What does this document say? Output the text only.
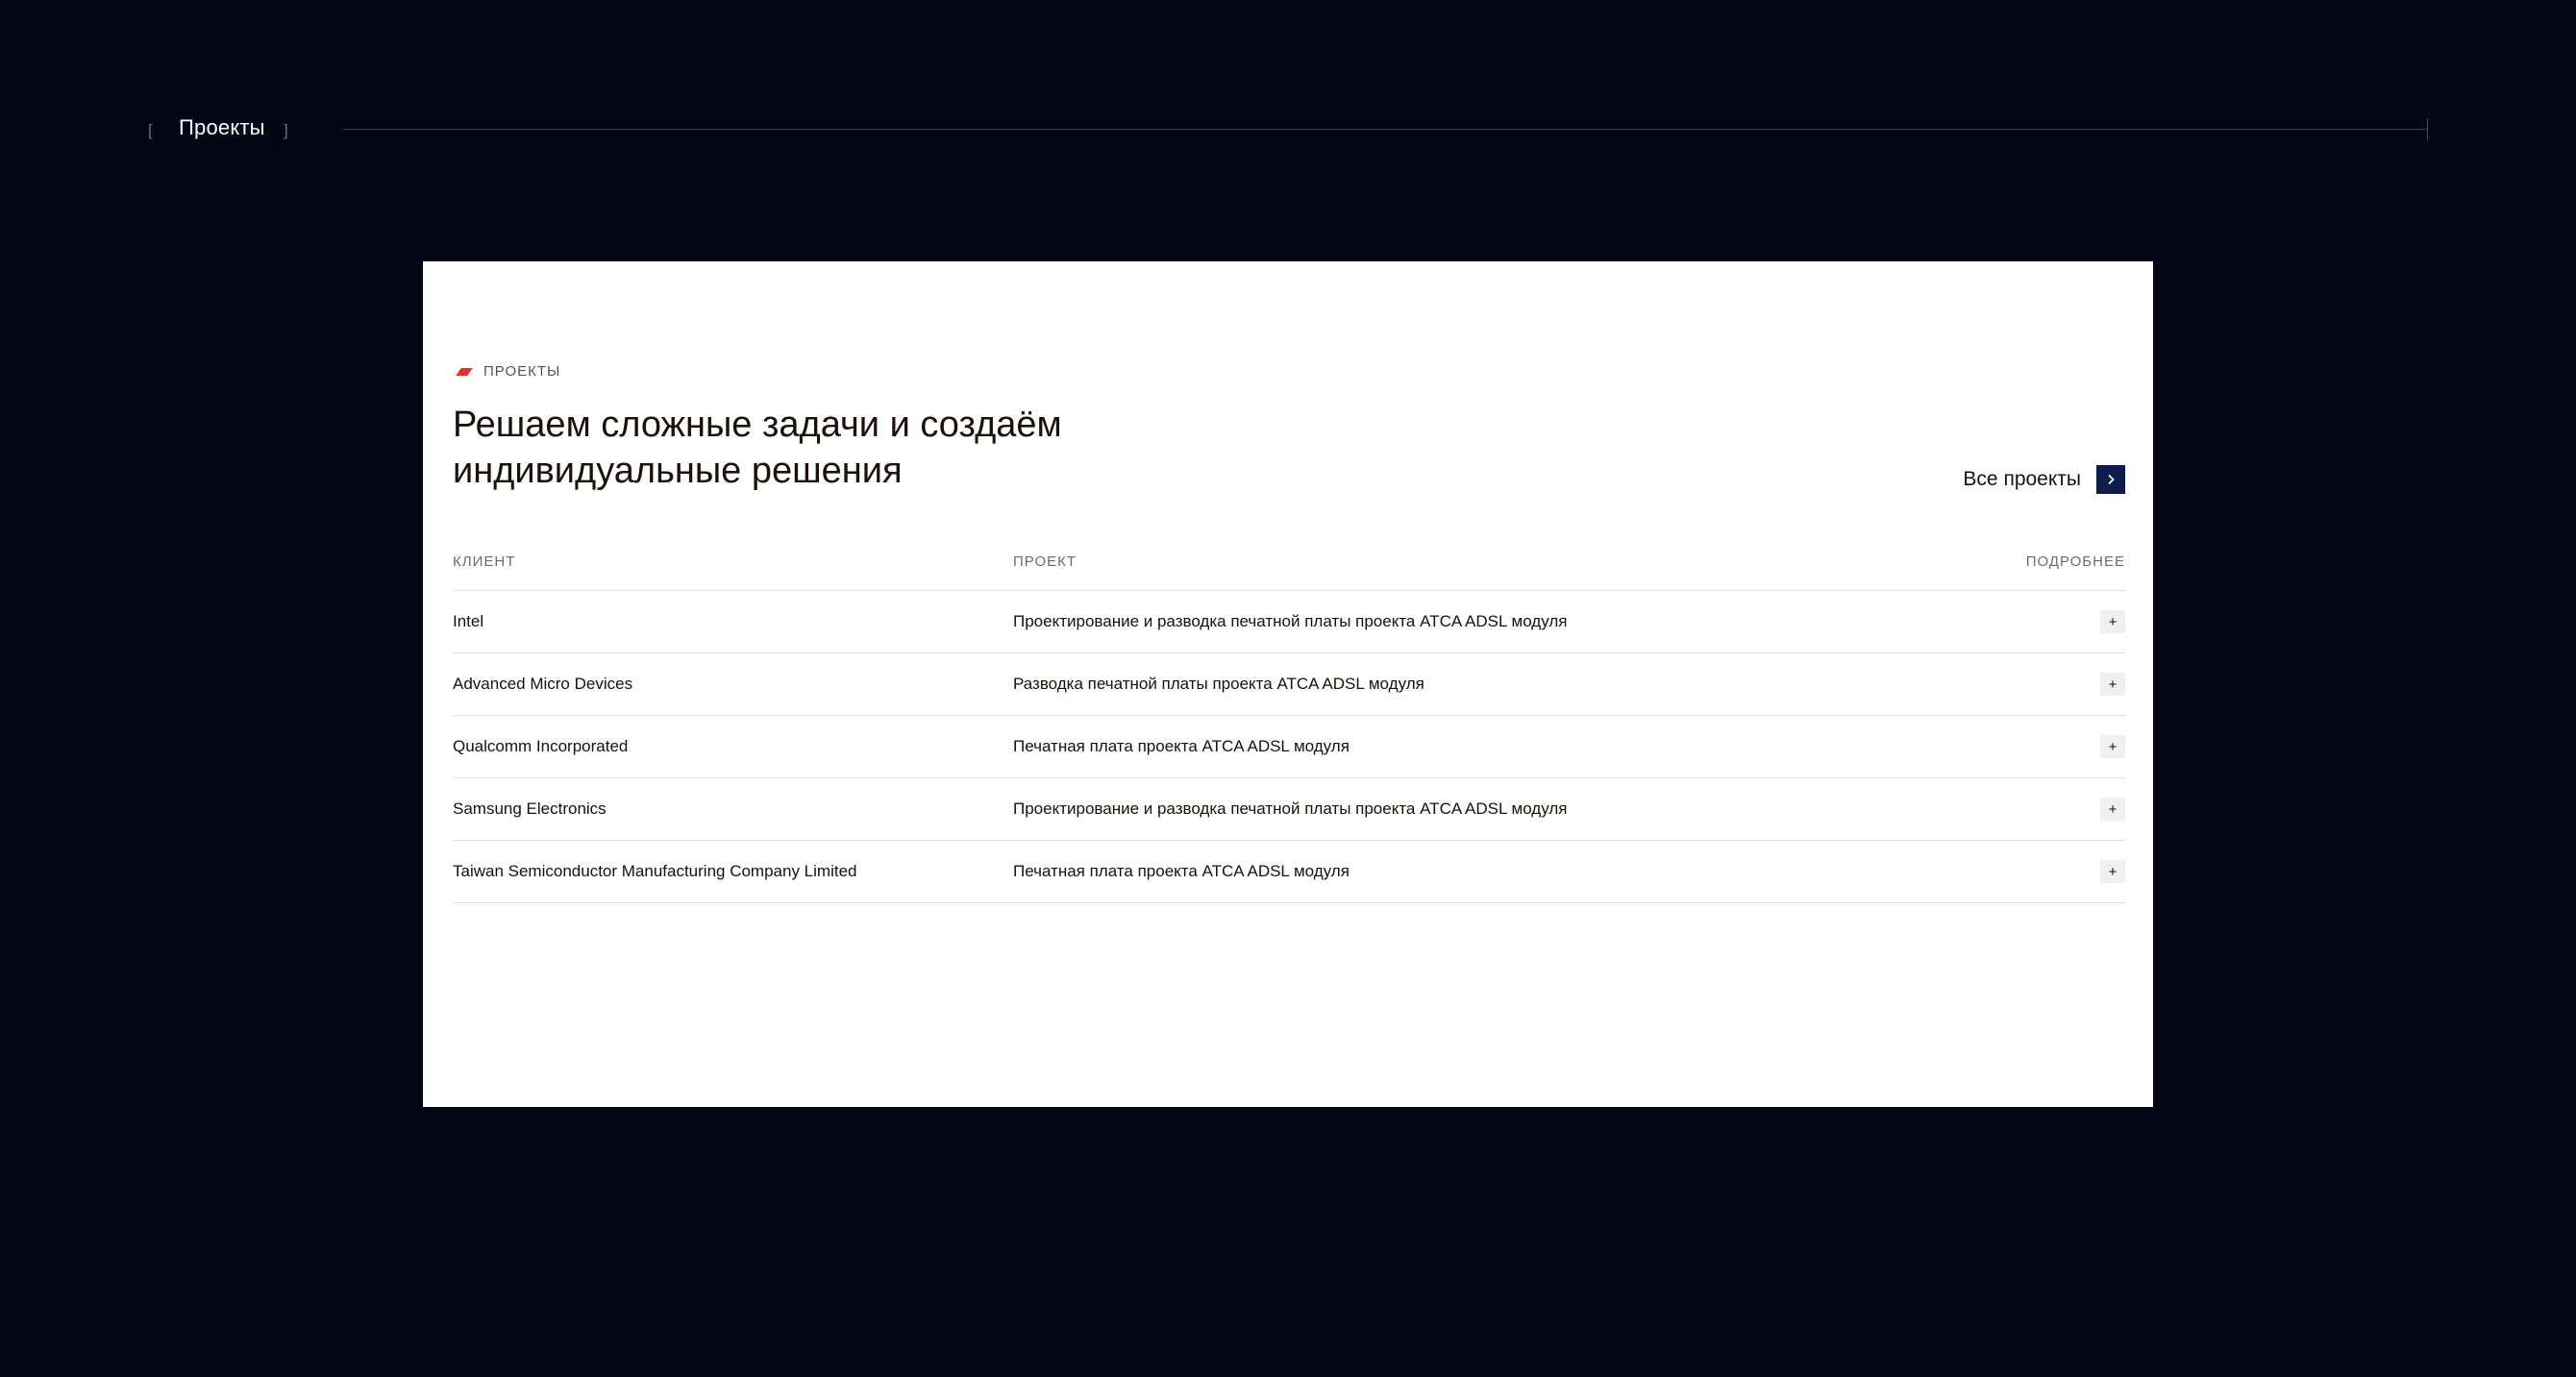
[ Проекты ]
ПРОЕКТЫ
Решаем сложные задачи и создаём
индивидуальные решения	Все проекты
КЛИЕНТ	ПРОЕКТ	ПОДРОБНЕЕ
Intel	Проектирование и разводка печатной платы проекта ATCA ADSL модуля	+
Advanced Micro Devices	Разводка печатной платы проекта ATCA ADSL модуля	+
Qualcomm Incorporated	Печатная плата проекта ATCA ADSL модуля	+
Samsung Electronics	Проектирование и разводка печатной платы проекта ATCA ADSL модуля	+
Taiwan Semiconductor Manufacturing Company Limited	Печатная плата проекта ATCA ADSL модуля	+
